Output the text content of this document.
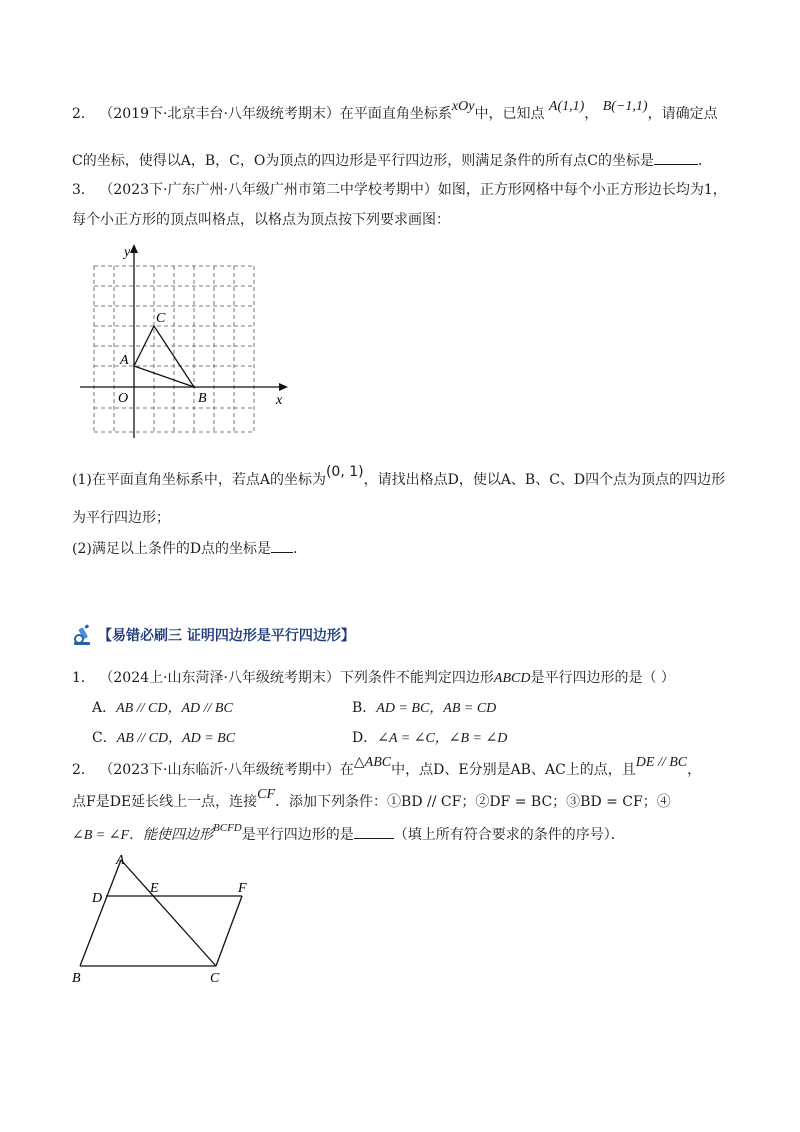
2． （2019下·北京丰台·八年级统考期末）在平面直角坐标系xOy中，已知点 A(1,1)， B(−1,1)，请确定点
C的坐标，使得以A，B，C，O为顶点的四边形是平行四边形，则满足条件的所有点C的坐标是	．
3． （2023下·广东广州·八年级广州市第二中学校考期中）如图，正方形网格中每个小正方形边长均为1，
每个小正方形的顶点叫格点，以格点为顶点按下列要求画图：
y
x
O
A
B
C
(1)在平面直角坐标系中，若点A的坐标为(0, 1)，请找出格点D，使以A、B、C、D四个点为顶点的四边形
为平行四边形；
(2)满足以上条件的D点的坐标是 ．
【易错必刷三 证明四边形是平行四边形】
1． （2024上·山东菏泽·八年级统考期末）下列条件不能判定四边形ABCD是平行四边形的是（ ）
A．AB // CD，AD // BC	B．AD = BC，AB = CD
C．AB // CD，AD = BC	D．∠A = ∠C，∠B = ∠D
2． （2023下·山东临沂·八年级统考期中）在△ABC中，点D、E分别是AB、AC上的点，且DE // BC，
点F是DE延长线上一点，连接CF．添加下列条件：①BD // CF；②DF = BC；③BD = CF；④
∠B = ∠F．能使四边形$^{BCFD}$是平行四边形的是	（填上所有符合要求的条件的序号）．
A
D
E	F
B	C
